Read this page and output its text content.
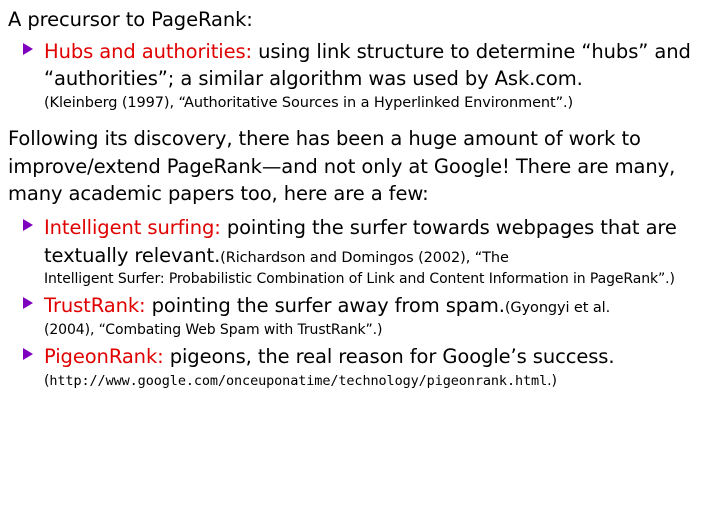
A precursor to PageRank:

Hubs and authorities: using link structure to determine “hubs” and “authorities”; a similar algorithm was used by Ask.com.
(Kleinberg (1997), “Authoritative Sources in a Hyperlinked Environment”.)

Following its discovery, there has been a huge amount of work to improve/extend PageRank—and not only at Google! There are many, many academic papers too, here are a few:

Intelligent surfing: pointing the surfer towards webpages that are textually relevant.(Richardson and Domingos (2002), “The
Intelligent Surfer: Probabilistic Combination of Link and Content Information in PageRank”.)
TrustRank: pointing the surfer away from spam.(Gyongyi et al.
(2004), “Combating Web Spam with TrustRank”.)
PigeonRank: pigeons, the real reason for Google’s success.
(http://www.google.com/onceuponatime/technology/pigeonrank.html.)
